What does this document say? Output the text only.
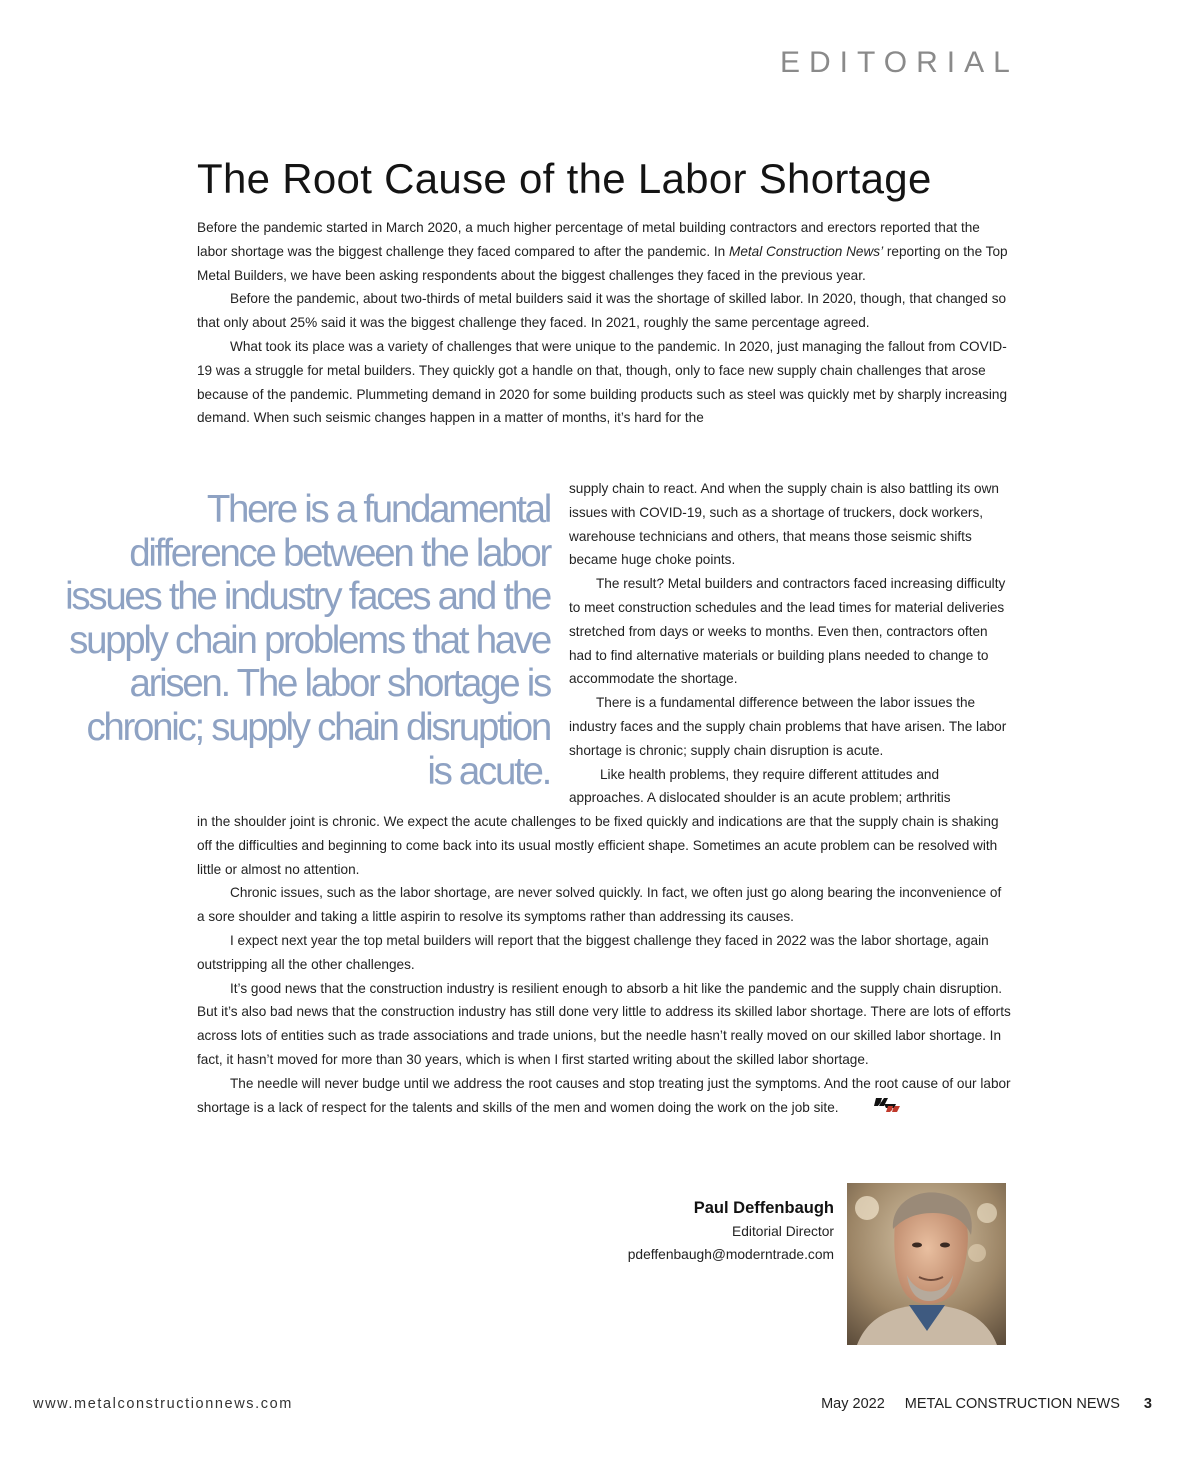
EDITORIAL
The Root Cause of the Labor Shortage

Before the pandemic started in March 2020, a much higher percentage of metal building contractors and erectors reported that the labor shortage was the biggest challenge they faced compared to after the pandemic. In Metal Construction News’ reporting on the Top Metal Builders, we have been asking respondents about the biggest challenges they faced in the previous year.

Before the pandemic, about two-thirds of metal builders said it was the shortage of skilled labor. In 2020, though, that changed so that only about 25% said it was the biggest challenge they faced. In 2021, roughly the same percentage agreed.

What took its place was a variety of challenges that were unique to the pandemic. In 2020, just managing the fallout from COVID-19 was a struggle for metal builders. They quickly got a handle on that, though, only to face new supply chain challenges that arose because of the pandemic. Plummeting demand in 2020 for some building products such as steel was quickly met by sharply increasing demand. When such seismic changes happen in a matter of months, it’s hard for the

There is a fundamental difference between the labor issues the industry faces and the supply chain problems that have arisen. The labor shortage is chronic; supply chain disruption is acute.

supply chain to react. And when the supply chain is also battling its own issues with COVID-19, such as a shortage of truckers, dock workers, warehouse technicians and others, that means those seismic shifts became huge choke points.

The result? Metal builders and contractors faced increasing difficulty to meet construction schedules and the lead times for material deliveries stretched from days or weeks to months. Even then, contractors often had to find alternative materials or building plans needed to change to accommodate the shortage.

There is a fundamental difference between the labor issues the industry faces and the supply chain problems that have arisen. The labor shortage is chronic; supply chain disruption is acute.

Like health problems, they require different attitudes and approaches. A dislocated shoulder is an acute problem; arthritis

in the shoulder joint is chronic. We expect the acute challenges to be fixed quickly and indications are that the supply chain is shaking off the difficulties and beginning to come back into its usual mostly efficient shape. Sometimes an acute problem can be resolved with little or almost no attention.

Chronic issues, such as the labor shortage, are never solved quickly. In fact, we often just go along bearing the inconvenience of a sore shoulder and taking a little aspirin to resolve its symptoms rather than addressing its causes.

I expect next year the top metal builders will report that the biggest challenge they faced in 2022 was the labor shortage, again outstripping all the other challenges.

It’s good news that the construction industry is resilient enough to absorb a hit like the pandemic and the supply chain disruption. But it’s also bad news that the construction industry has still done very little to address its skilled labor shortage. There are lots of efforts across lots of entities such as trade associations and trade unions, but the needle hasn’t really moved on our skilled labor shortage. In fact, it hasn’t moved for more than 30 years, which is when I first started writing about the skilled labor shortage.

The needle will never budge until we address the root causes and stop treating just the symptoms. And the root cause of our labor shortage is a lack of respect for the talents and skills of the men and women doing the work on the job site.

Paul Deffenbaugh
Editorial Director
pdeffenbaugh@moderntrade.com
www.metalconstructionnews.com	May 2022 METAL CONSTRUCTION NEWS 3
